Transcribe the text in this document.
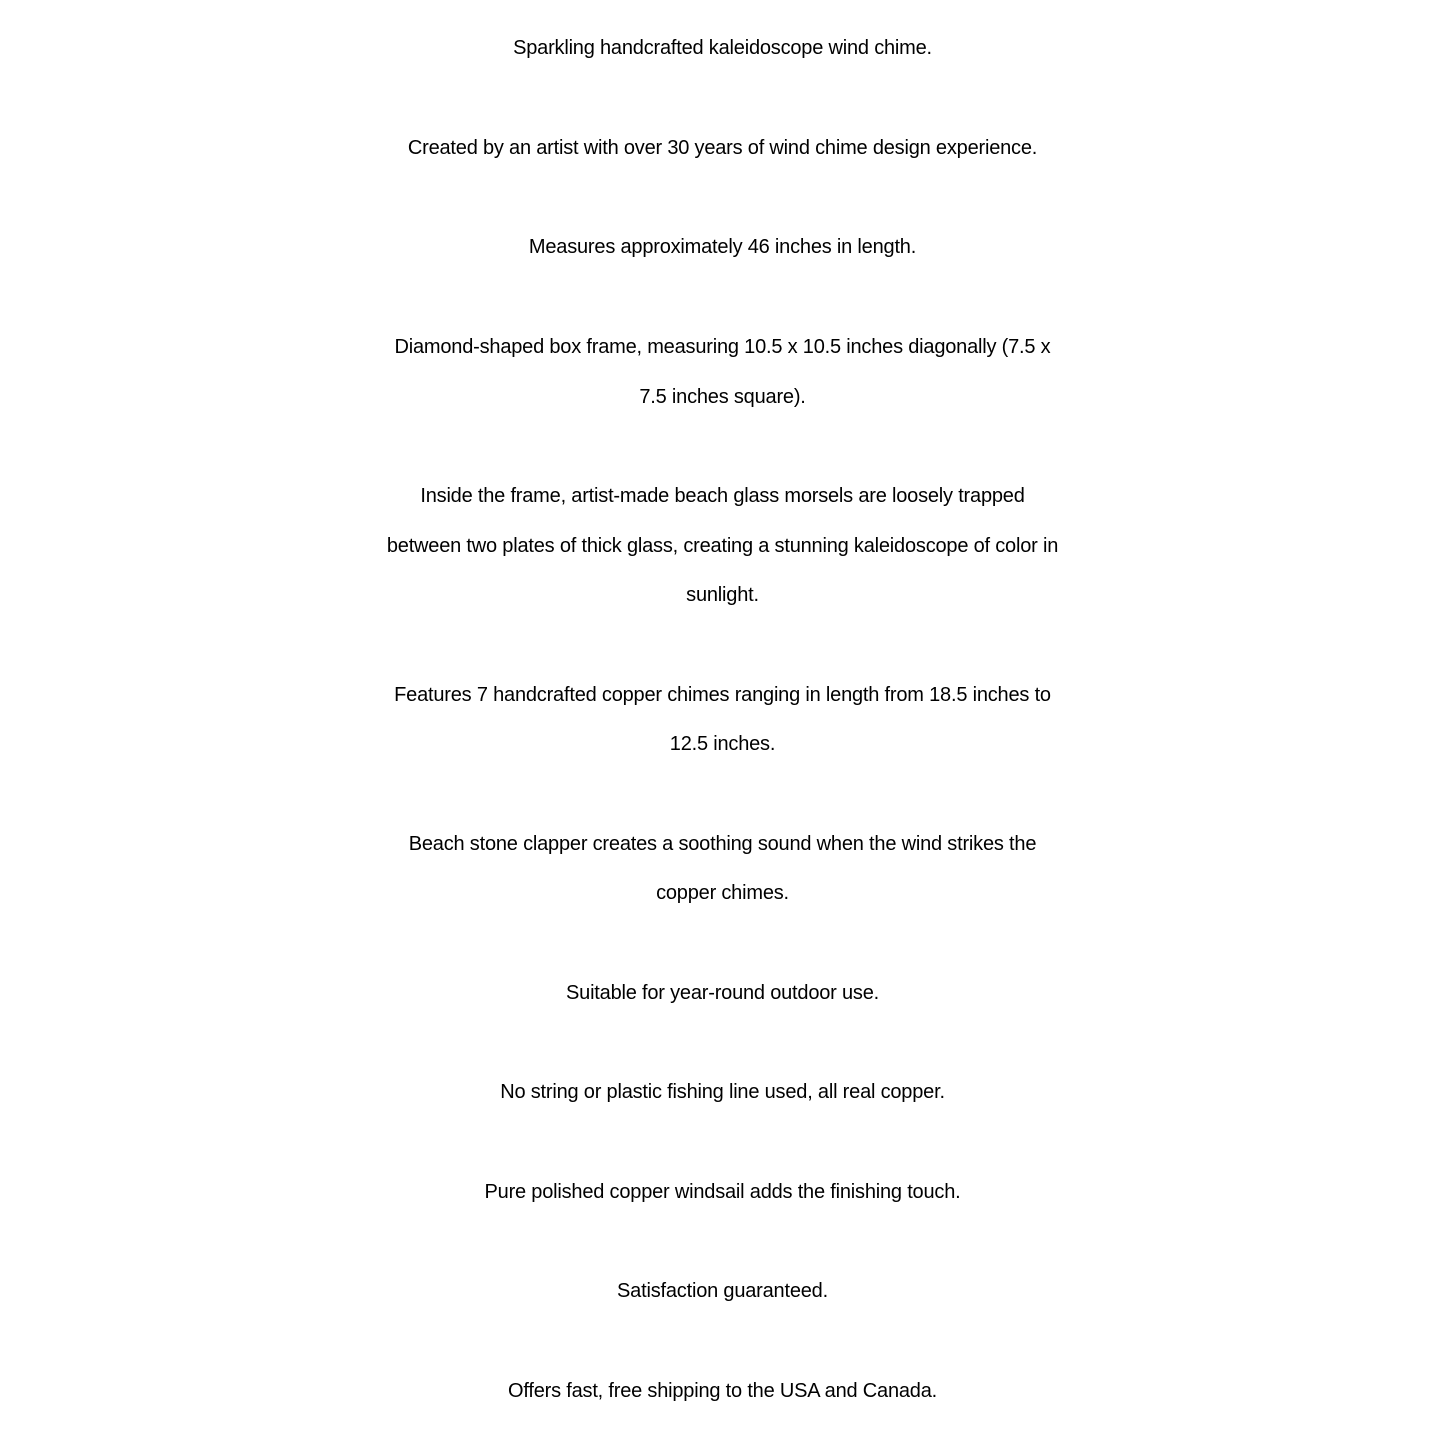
Sparkling handcrafted kaleidoscope wind chime.
Created by an artist with over 30 years of wind chime design experience.
Measures approximately 46 inches in length.
Diamond-shaped box frame, measuring 10.5 x 10.5 inches diagonally (7.5 x
7.5 inches square).
Inside the frame, artist-made beach glass morsels are loosely trapped
between two plates of thick glass, creating a stunning kaleidoscope of color in
sunlight.
Features 7 handcrafted copper chimes ranging in length from 18.5 inches to
12.5 inches.
Beach stone clapper creates a soothing sound when the wind strikes the
copper chimes.
Suitable for year-round outdoor use.
No string or plastic fishing line used, all real copper.
Pure polished copper windsail adds the finishing touch.
Satisfaction guaranteed.
Offers fast, free shipping to the USA and Canada.
